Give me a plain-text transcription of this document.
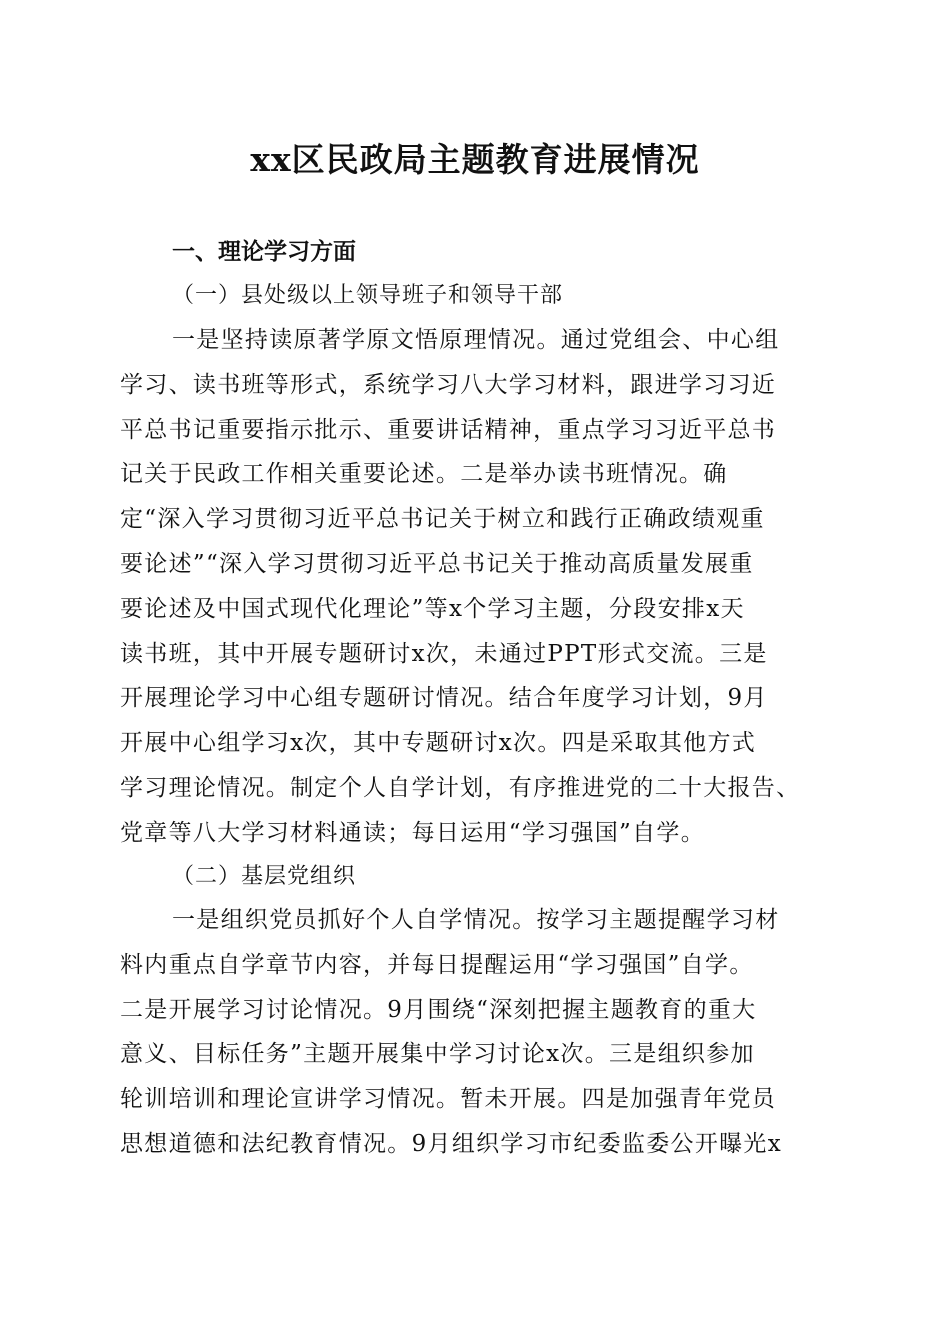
xx区民政局主题教育进展情况
一、理论学习方面
（一）县处级以上领导班子和领导干部
一是坚持读原著学原文悟原理情况。通过党组会、中心组
学习、读书班等形式，系统学习八大学习材料，跟进学习习近
平总书记重要指示批示、重要讲话精神，重点学习习近平总书
记关于民政工作相关重要论述。二是举办读书班情况。确
定“深入学习贯彻习近平总书记关于树立和践行正确政绩观重
要论述”“深入学习贯彻习近平总书记关于推动高质量发展重
要论述及中国式现代化理论”等x个学习主题，分段安排x天
读书班，其中开展专题研讨x次，未通过PPT形式交流。三是
开展理论学习中心组专题研讨情况。结合年度学习计划，9月
开展中心组学习x次，其中专题研讨x次。四是采取其他方式
学习理论情况。制定个人自学计划，有序推进党的二十大报告、
党章等八大学习材料通读；每日运用“学习强国”自学。
（二）基层党组织
一是组织党员抓好个人自学情况。按学习主题提醒学习材
料内重点自学章节内容，并每日提醒运用“学习强国”自学。
二是开展学习讨论情况。9月围绕“深刻把握主题教育的重大
意义、目标任务”主题开展集中学习讨论x次。三是组织参加
轮训培训和理论宣讲学习情况。暂未开展。四是加强青年党员
思想道德和法纪教育情况。9月组织学习市纪委监委公开曝光x
